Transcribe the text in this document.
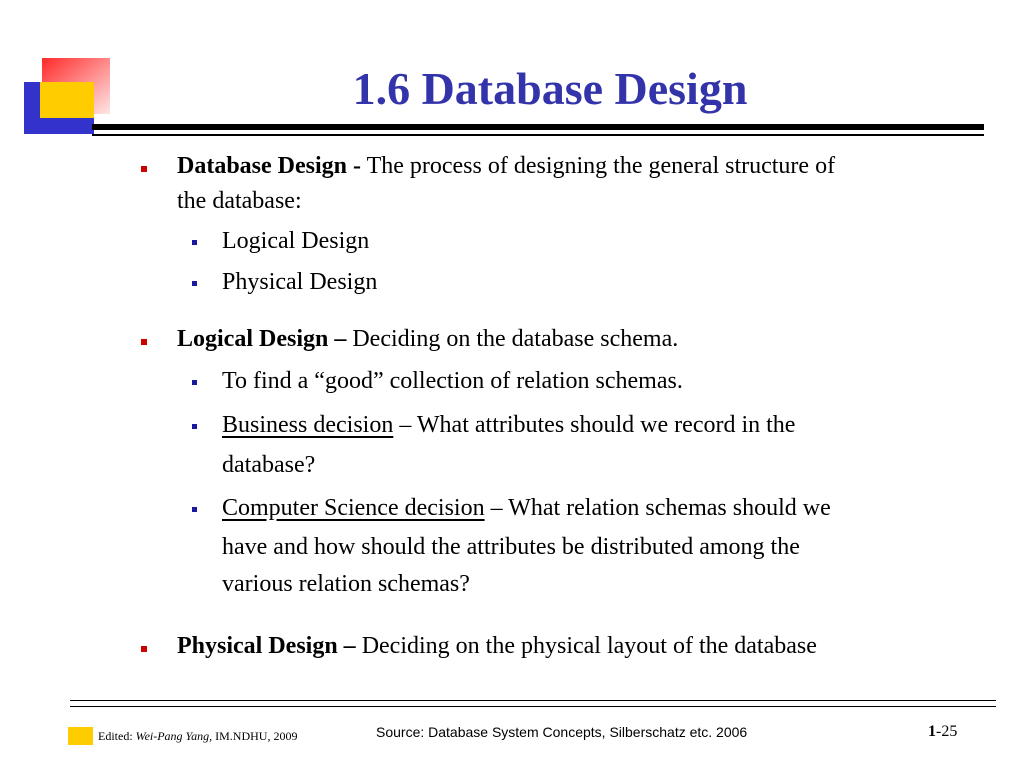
1.6 Database Design
Database Design - The process of designing the general structure of
the database:
Logical Design
Physical Design
Logical Design – Deciding on the database schema.
To find a “good” collection of relation schemas.
Business decision – What attributes should we record in the
database?
Computer Science decision – What relation schemas should we
have and how should the attributes be distributed among the
various relation schemas?
Physical Design – Deciding on the physical layout of the database
Edited: Wei-Pang Yang, IM.NDHU, 2009	Source: Database System Concepts, Silberschatz etc. 2006	1-25
